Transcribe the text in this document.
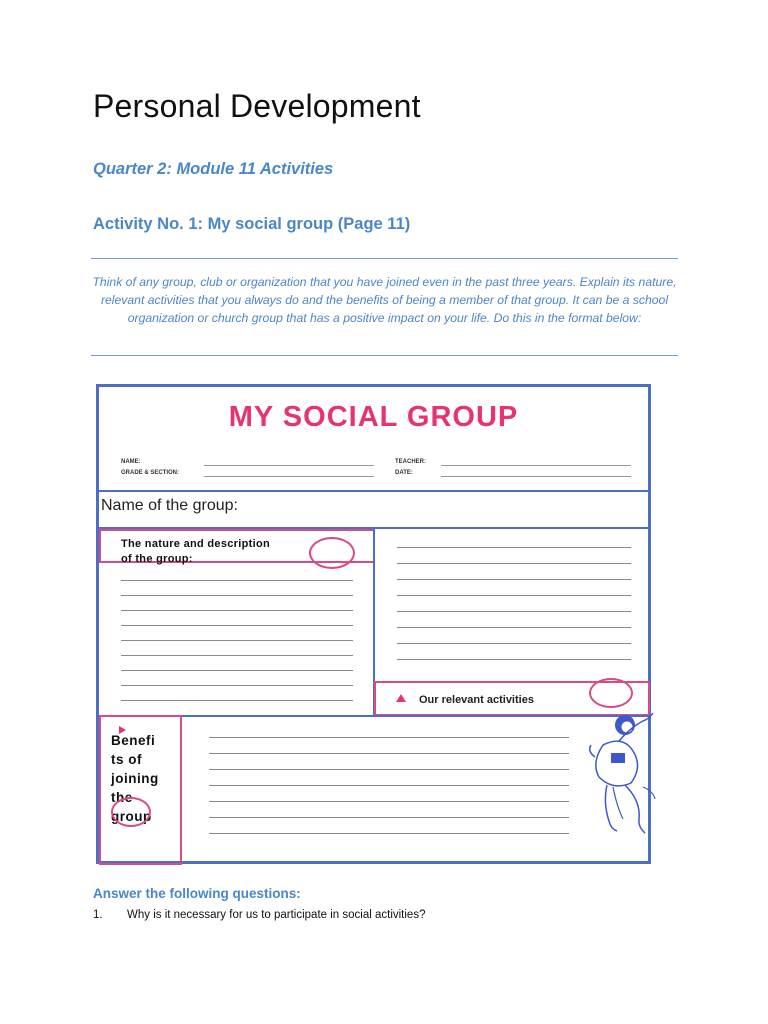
Personal Development
Quarter 2: Module 11 Activities
Activity No. 1: My social group (Page 11)
Think of any group, club or organization that you have joined even in the past three years. Explain its nature, relevant activities that you always do and the benefits of being a member of that group. It can be a school organization or church group that has a positive impact on your life. Do this in the format below:
MY SOCIAL GROUP
NAME:
GRADE & SECTION:
TEACHER:
DATE:
Name of the group:
The nature and description
of the group:
Our relevant activities
Benefi
ts of
joining
the
group
Answer the following questions:
1. Why is it necessary for us to participate in social activities?
